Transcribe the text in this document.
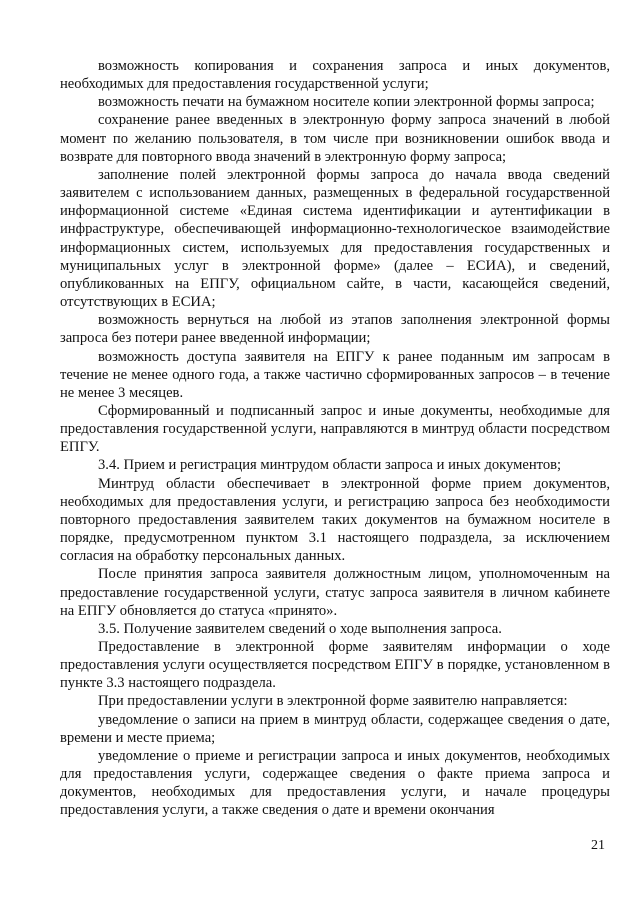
возможность копирования и сохранения запроса и иных документов, необходимых для предоставления государственной услуги;

возможность печати на бумажном носителе копии электронной формы запроса;

сохранение ранее введенных в электронную форму запроса значений в любой момент по желанию пользователя, в том числе при возникновении ошибок ввода и возврате для повторного ввода значений в электронную форму запроса;

заполнение полей электронной формы запроса до начала ввода сведений заявителем с использованием данных, размещенных в федеральной государственной информационной системе «Единая система идентификации и аутентификации в инфраструктуре, обеспечивающей информационно-технологическое взаимодействие информационных систем, используемых для предоставления государственных и муниципальных услуг в электронной форме» (далее – ЕСИА), и сведений, опубликованных на ЕПГУ, официальном сайте, в части, касающейся сведений, отсутствующих в ЕСИА;

возможность вернуться на любой из этапов заполнения электронной формы запроса без потери ранее введенной информации;

возможность доступа заявителя на ЕПГУ к ранее поданным им запросам в течение не менее одного года, а также частично сформированных запросов – в течение не менее 3 месяцев.

Сформированный и подписанный запрос и иные документы, необходимые для предоставления государственной услуги, направляются в минтруд области посредством ЕПГУ.

3.4. Прием и регистрация минтрудом области запроса и иных документов;

Минтруд области обеспечивает в электронной форме прием документов, необходимых для предоставления услуги, и регистрацию запроса без необходимости повторного предоставления заявителем таких документов на бумажном носителе в порядке, предусмотренном пунктом 3.1 настоящего подраздела, за исключением согласия на обработку персональных данных.

После принятия запроса заявителя должностным лицом, уполномоченным на предоставление государственной услуги, статус запроса заявителя в личном кабинете на ЕПГУ обновляется до статуса «принято».

3.5. Получение заявителем сведений о ходе выполнения запроса.

Предоставление в электронной форме заявителям информации о ходе предоставления услуги осуществляется посредством ЕПГУ в порядке, установленном в пункте 3.3 настоящего подраздела.

При предоставлении услуги в электронной форме заявителю направляется:

уведомление о записи на прием в минтруд области, содержащее сведения о дате, времени и месте приема;

уведомление о приеме и регистрации запроса и иных документов, необходимых для предоставления услуги, содержащее сведения о факте приема запроса и документов, необходимых для предоставления услуги, и начале процедуры предоставления услуги, а также сведения о дате и времени окончания

21
